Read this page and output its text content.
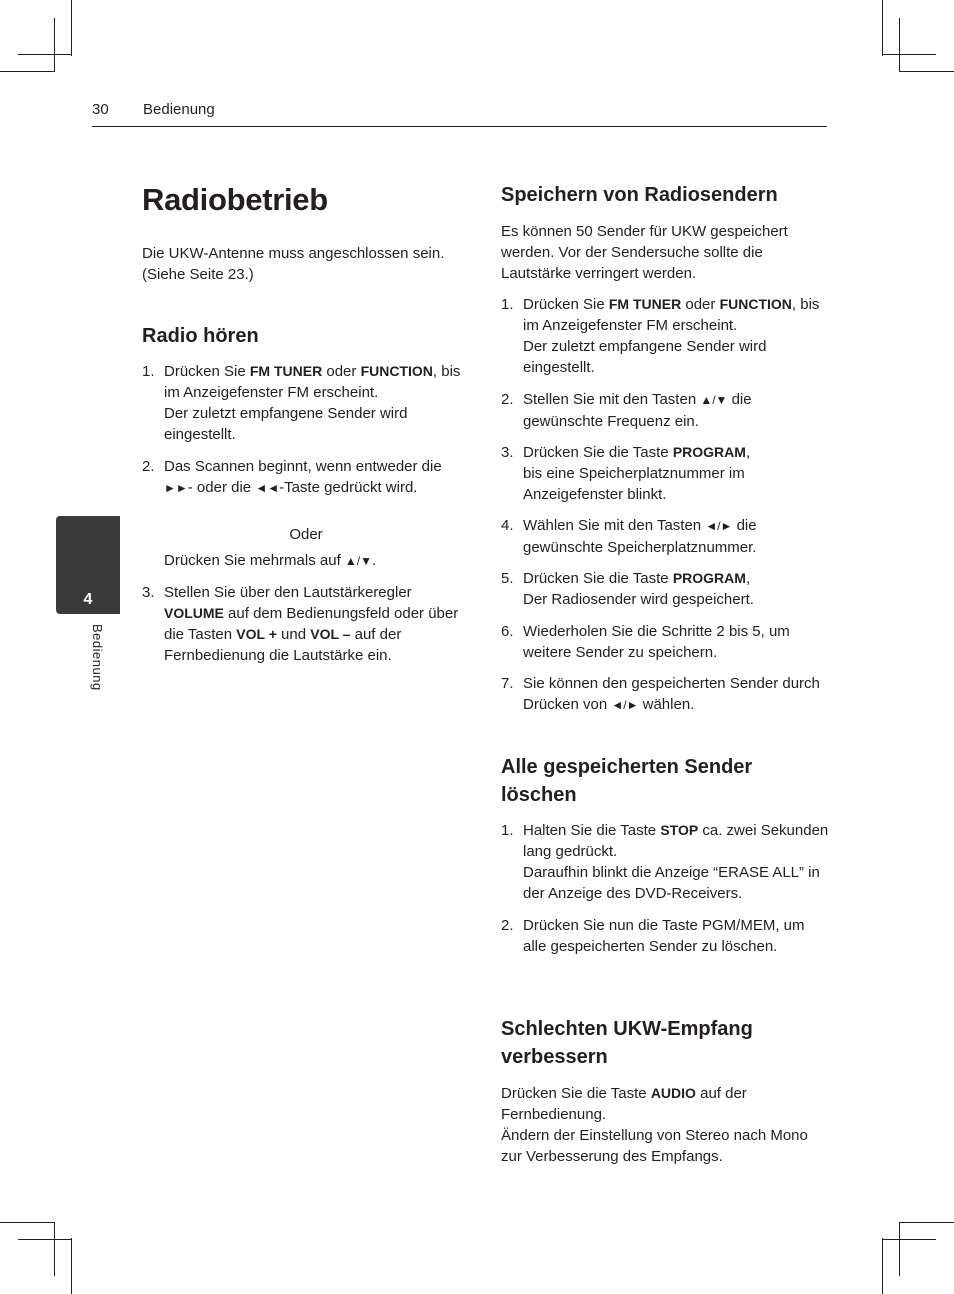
30 Bedienung
4
Bedienung
Radiobetrieb

Die UKW-Antenne muss angeschlossen sein. (Siehe Seite 23.)

Radio hören
1. Drücken Sie FM TUNER oder FUNCTION, bis im Anzeigefenster FM erscheint.
Der zuletzt empfangene Sender wird eingestellt.
2. Das Scannen beginnt, wenn entweder die ►►- oder die ◄◄-Taste gedrückt wird.
Oder
Drücken Sie mehrmals auf ▲/▼.
3. Stellen Sie über den Lautstärkeregler VOLUME auf dem Bedienungsfeld oder über die Tasten VOL + und VOL – auf der Fernbedienung die Lautstärke ein.
Speichern von Radiosendern

Es können 50 Sender für UKW gespeichert werden. Vor der Sendersuche sollte die Lautstärke verringert werden.

1. Drücken Sie FM TUNER oder FUNCTION, bis im Anzeigefenster FM erscheint.
Der zuletzt empfangene Sender wird eingestellt.
2. Stellen Sie mit den Tasten ▲/▼ die gewünschte Frequenz ein.
3. Drücken Sie die Taste PROGRAM,
bis eine Speicherplatznummer im Anzeigefenster blinkt.
4. Wählen Sie mit den Tasten ◄/► die gewünschte Speicherplatznummer.
5. Drücken Sie die Taste PROGRAM,
Der Radiosender wird gespeichert.
6. Wiederholen Sie die Schritte 2 bis 5, um weitere Sender zu speichern.
7. Sie können den gespeicherten Sender durch Drücken von ◄/► wählen.
Alle gespeicherten Sender löschen
1. Halten Sie die Taste STOP ca. zwei Sekunden lang gedrückt.
Daraufhin blinkt die Anzeige “ERASE ALL” in der Anzeige des DVD-Receivers.
2. Drücken Sie nun die Taste PGM/MEM, um alle gespeicherten Sender zu löschen.
Schlechten UKW-Empfang verbessern

Drücken Sie die Taste AUDIO auf der Fernbedienung.
Ändern der Einstellung von Stereo nach Mono zur Verbesserung des Empfangs.
